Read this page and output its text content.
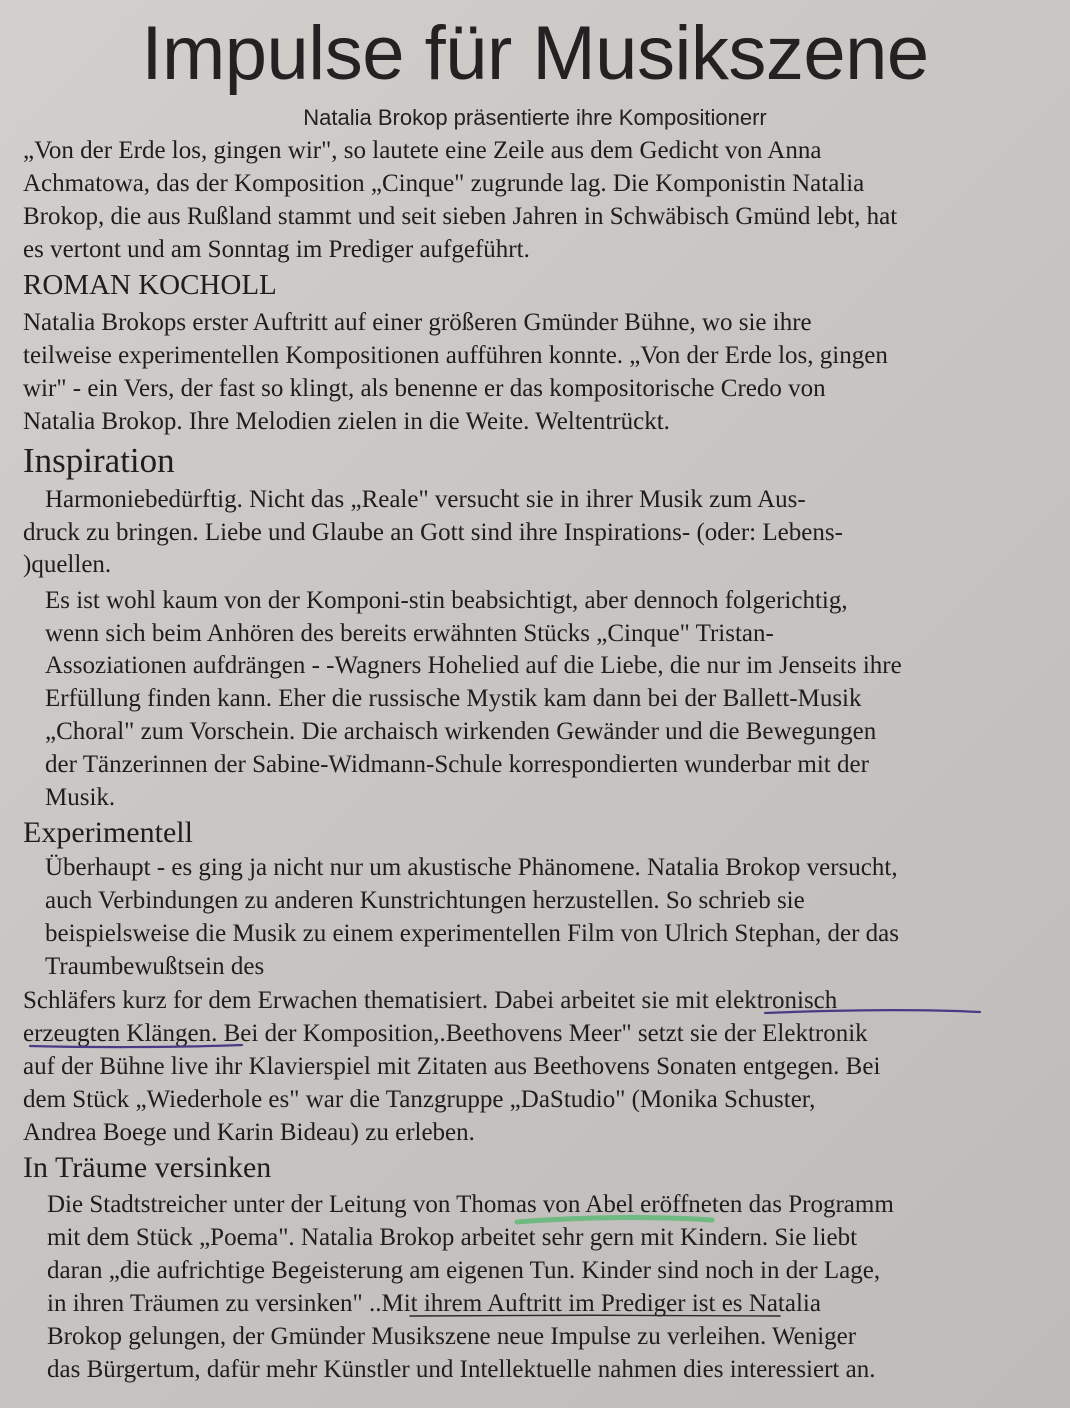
Impulse für Musikszene
Natalia Brokop präsentierte ihre Kompositionerr
„Von der Erde los, gingen wir", so lautete eine Zeile aus dem Gedicht von Anna
Achmatowa, das der Komposition „Cinque" zugrunde lag. Die Komponistin Natalia
Brokop, die aus Rußland stammt und seit sieben Jahren in Schwäbisch Gmünd lebt, hat
es vertont und am Sonntag im Prediger aufgeführt.
ROMAN KOCHOLL
Natalia Brokops erster Auftritt auf einer größeren Gmünder Bühne, wo sie ihre
teilweise experimentellen Kompositionen aufführen konnte. „Von der Erde los, gingen
wir" - ein Vers, der fast so klingt, als benenne er das kompositorische Credo von
Natalia Brokop. Ihre Melodien zielen in die Weite. Weltentrückt.
Inspiration
Harmoniebedürftig. Nicht das „Reale" versucht sie in ihrer Musik zum Aus-
druck zu bringen. Liebe und Glaube an Gott sind ihre Inspirations- (oder: Lebens-
)quellen.
Es ist wohl kaum von der Komponi-stin beabsichtigt, aber dennoch folgerichtig,
wenn sich beim Anhören des bereits erwähnten Stücks „Cinque" Tristan-
Assoziationen aufdrängen - -Wagners Hohelied auf die Liebe, die nur im Jenseits ihre
Erfüllung finden kann. Eher die russische Mystik kam dann bei der Ballett-Musik
„Choral" zum Vorschein. Die archaisch wirkenden Gewänder und die Bewegungen
der Tänzerinnen der Sabine-Widmann-Schule korrespondierten wunderbar mit der
Musik.
Experimentell
Überhaupt - es ging ja nicht nur um akustische Phänomene. Natalia Brokop versucht,
auch Verbindungen zu anderen Kunstrichtungen herzustellen. So schrieb sie
beispielsweise die Musik zu einem experimentellen Film von Ulrich Stephan, der das
Traumbewußtsein des
Schläfers kurz for dem Erwachen thematisiert. Dabei arbeitet sie mit elektronisch
erzeugten Klängen. Bei der Komposition,.Beethovens Meer" setzt sie der Elektronik
auf der Bühne live ihr Klavierspiel mit Zitaten aus Beethovens Sonaten entgegen. Bei
dem Stück „Wiederhole es" war die Tanzgruppe „DaStudio" (Monika Schuster,
Andrea Boege und Karin Bideau) zu erleben.
In Träume versinken
Die Stadtstreicher unter der Leitung von Thomas von Abel eröffneten das Programm
mit dem Stück „Poema". Natalia Brokop arbeitet sehr gern mit Kindern. Sie liebt
daran „die aufrichtige Begeisterung am eigenen Tun. Kinder sind noch in der Lage,
in ihren Träumen zu versinken" ..Mit ihrem Auftritt im Prediger ist es Natalia
Brokop gelungen, der Gmünder Musikszene neue Impulse zu verleihen. Weniger
das Bürgertum, dafür mehr Künstler und Intellektuelle nahmen dies interessiert an.
